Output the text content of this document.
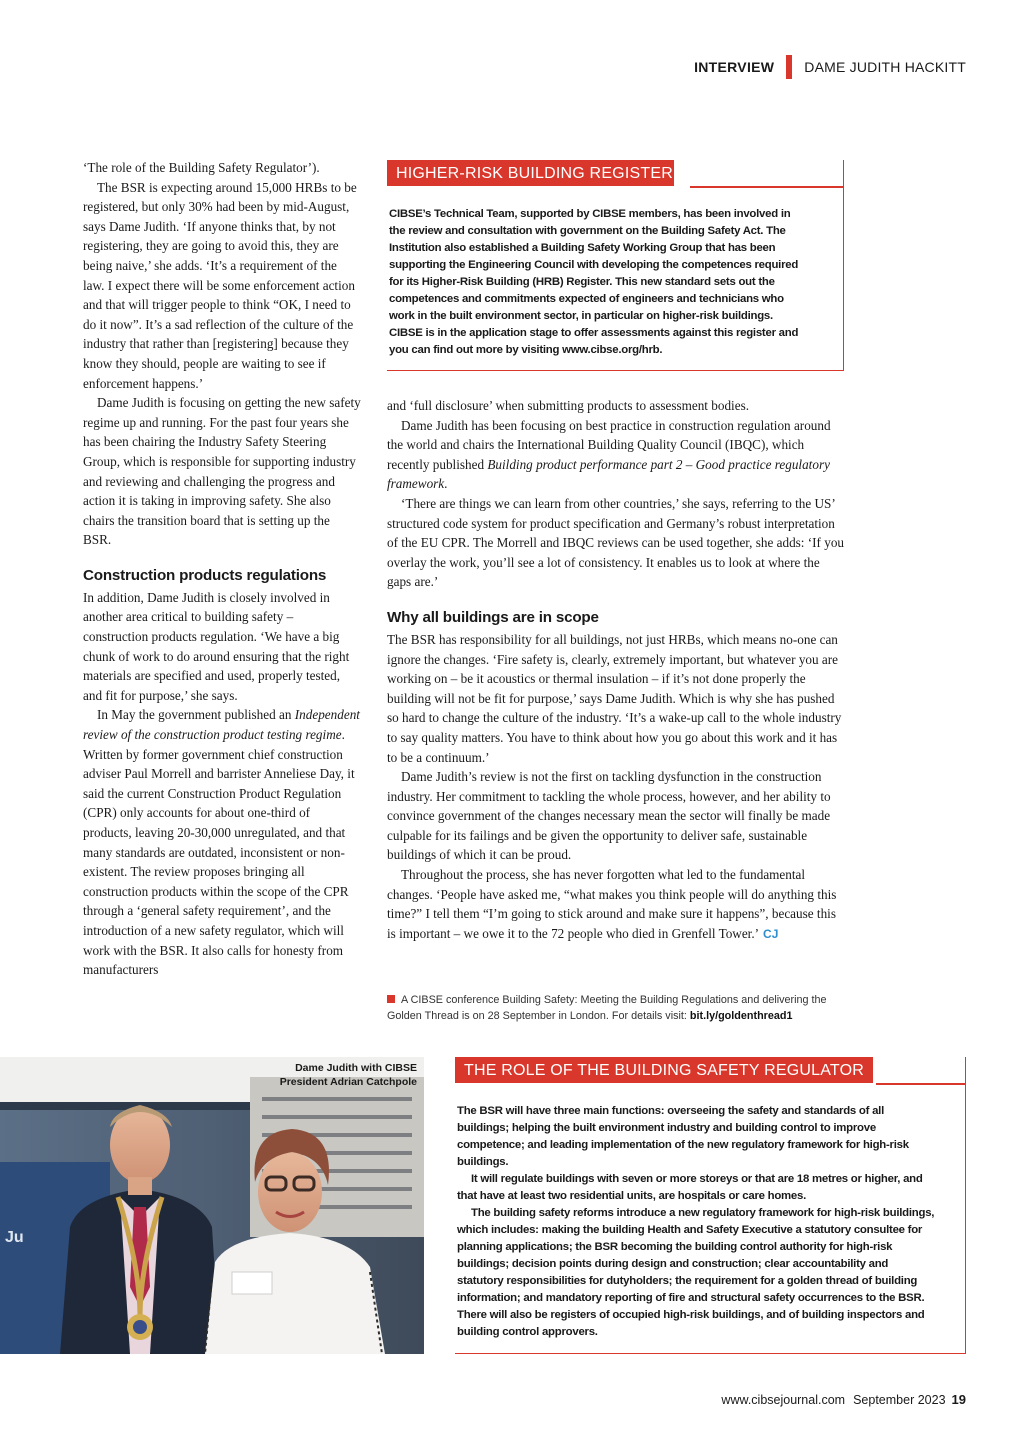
INTERVIEW DAME JUDITH HACKITT

‘The role of the Building Safety Regulator’).

The BSR is expecting around 15,000 HRBs to be registered, but only 30% had been by mid-August, says Dame Judith. ‘If anyone thinks that, by not registering, they are going to avoid this, they are being naive,’ she adds. ‘It’s a requirement of the law. I expect there will be some enforcement action and that will trigger people to think “OK, I need to do it now”. It’s a sad reflection of the culture of the industry that rather than [registering] because they know they should, people are waiting to see if enforcement happens.’

Dame Judith is focusing on getting the new safety regime up and running. For the past four years she has been chairing the Industry Safety Steering Group, which is responsible for supporting industry and reviewing and challenging the progress and action it is taking in improving safety. She also chairs the transition board that is setting up the BSR.

Construction products regulations

In addition, Dame Judith is closely involved in another area critical to building safety – construction products regulation. ‘We have a big chunk of work to do around ensuring that the right materials are specified and used, properly tested, and fit for purpose,’ she says.

In May the government published an Independent review of the construction product testing regime. Written by former government chief construction adviser Paul Morrell and barrister Anneliese Day, it said the current Construction Product Regulation (CPR) only accounts for about one-third of products, leaving 20-30,000 unregulated, and that many standards are outdated, inconsistent or non-existent. The review proposes bringing all construction products within the scope of the CPR through a ‘general safety requirement’, and the introduction of a new safety regulator, which will work with the BSR. It also calls for honesty from manufacturers

HIGHER-RISK BUILDING REGISTER

CIBSE’s Technical Team, supported by CIBSE members, has been involved in the review and consultation with government on the Building Safety Act. The Institution also established a Building Safety Working Group that has been supporting the Engineering Council with developing the competences required for its Higher-Risk Building (HRB) Register. This new standard sets out the competences and commitments expected of engineers and technicians who work in the built environment sector, in particular on higher-risk buildings. CIBSE is in the application stage to offer assessments against this register and you can find out more by visiting www.cibse.org/hrb.

and ‘full disclosure’ when submitting products to assessment bodies.

Dame Judith has been focusing on best practice in construction regulation around the world and chairs the International Building Quality Council (IBQC), which recently published Building product performance part 2 – Good practice regulatory framework.

‘There are things we can learn from other countries,’ she says, referring to the US’ structured code system for product specification and Germany’s robust interpretation of the EU CPR. The Morrell and IBQC reviews can be used together, she adds: ‘If you overlay the work, you’ll see a lot of consistency. It enables us to look at where the gaps are.’

Why all buildings are in scope

The BSR has responsibility for all buildings, not just HRBs, which means no-one can ignore the changes. ‘Fire safety is, clearly, extremely important, but whatever you are working on – be it acoustics or thermal insulation – if it’s not done properly the building will not be fit for purpose,’ says Dame Judith. Which is why she has pushed so hard to change the culture of the industry. ‘It’s a wake-up call to the whole industry to say quality matters. You have to think about how you go about this work and it has to be a continuum.’

Dame Judith’s review is not the first on tackling dysfunction in the construction industry. Her commitment to tackling the whole process, however, and her ability to convince government of the changes necessary mean the sector will finally be made culpable for its failings and be given the opportunity to deliver safe, sustainable buildings of which it can be proud.

Throughout the process, she has never forgotten what led to the fundamental changes. ‘People have asked me, “what makes you think people will do anything this time?” I tell them “I’m going to stick around and make sure it happens”, because this is important – we owe it to the 72 people who died in Grenfell Tower.’ CJ

A CIBSE conference Building Safety: Meeting the Building Regulations and delivering the Golden Thread is on 28 September in London. For details visit: bit.ly/goldenthread1
Ju
Dame Judith with CIBSE
President Adrian Catchpole
THE ROLE OF THE BUILDING SAFETY REGULATOR

The BSR will have three main functions: overseeing the safety and standards of all buildings; helping the built environment industry and building control to improve competence; and leading implementation of the new regulatory framework for high-risk buildings.

It will regulate buildings with seven or more storeys or that are 18 metres or higher, and that have at least two residential units, are hospitals or care homes.

The building safety reforms introduce a new regulatory framework for high-risk buildings, which includes: making the building Health and Safety Executive a statutory consultee for planning applications; the BSR becoming the building control authority for high-risk buildings; decision points during design and construction; clear accountability and statutory responsibilities for dutyholders; the requirement for a golden thread of building information; and mandatory reporting of fire and structural safety occurrences to the BSR. There will also be registers of occupied high-risk buildings, and of building inspectors and building control approvers.

www.cibsejournal.com September 2023 19
